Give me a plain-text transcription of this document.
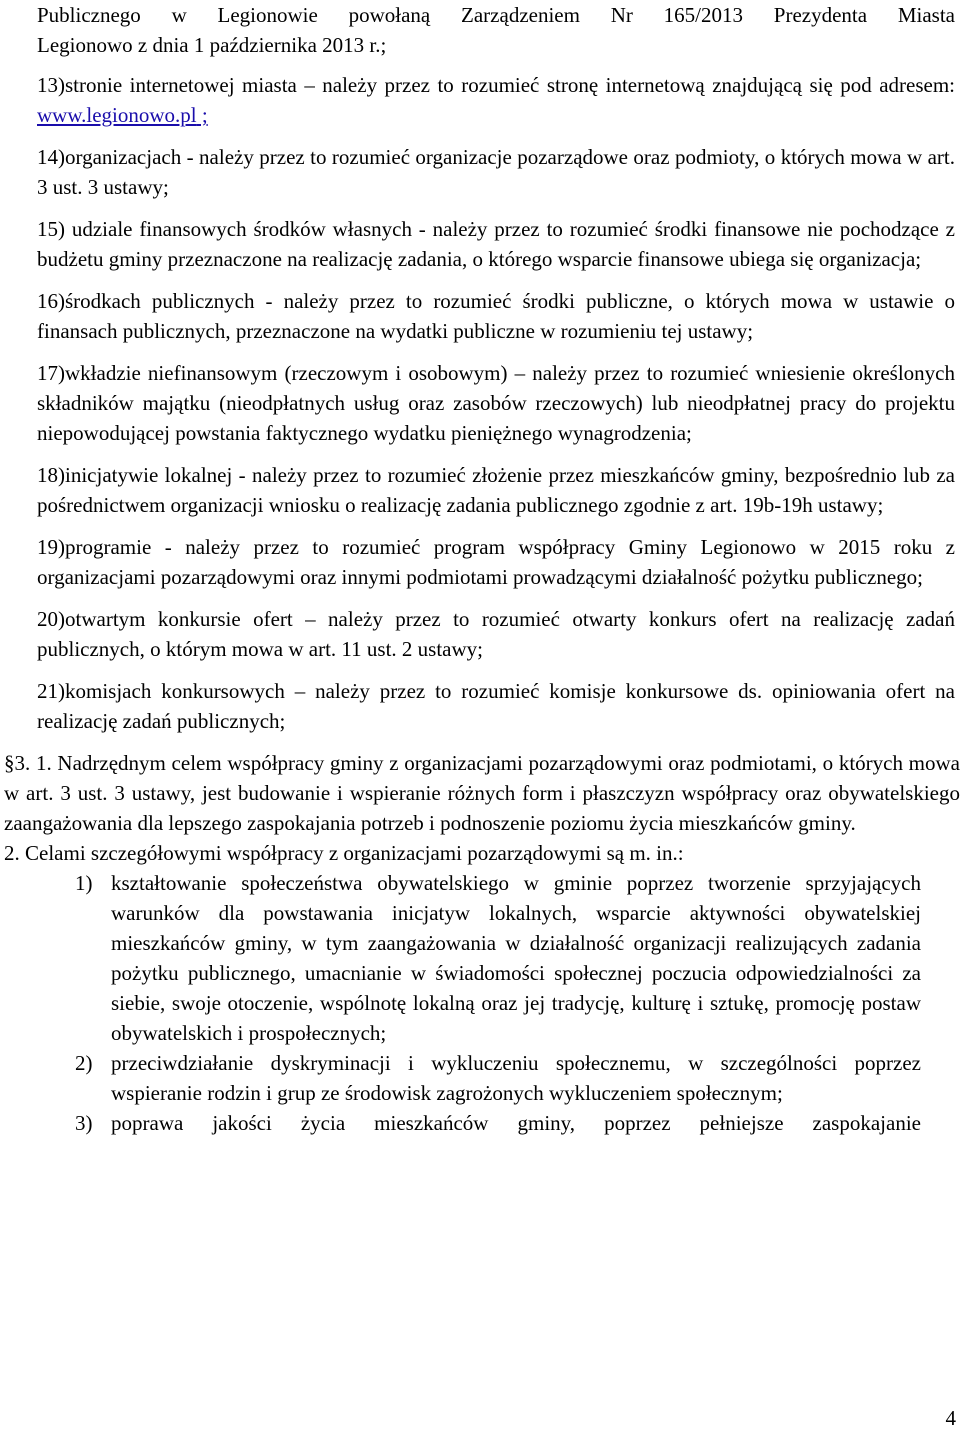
Publicznego w Legionowie powołaną Zarządzeniem Nr 165/2013 Prezydenta Miasta
Legionowo z dnia 1 października 2013 r.;

13)stronie internetowej miasta – należy przez to rozumieć stronę internetową znajdującą się pod adresem: www.legionowo.pl ;

14)organizacjach - należy przez to rozumieć organizacje pozarządowe oraz podmioty, o których mowa w art. 3 ust. 3 ustawy;

15) udziale finansowych środków własnych - należy przez to rozumieć środki finansowe nie pochodzące z budżetu gminy przeznaczone na realizację zadania, o którego wsparcie finansowe ubiega się organizacja;

16)środkach publicznych - należy przez to rozumieć środki publiczne, o których mowa w ustawie o finansach publicznych, przeznaczone na wydatki publiczne w rozumieniu tej ustawy;

17)wkładzie niefinansowym (rzeczowym i osobowym) – należy przez to rozumieć wniesienie określonych składników majątku (nieodpłatnych usług oraz zasobów rzeczowych) lub nieodpłatnej pracy do projektu niepowodującej powstania faktycznego wydatku pieniężnego wynagrodzenia;

18)inicjatywie lokalnej - należy przez to rozumieć złożenie przez mieszkańców gminy, bezpośrednio lub za pośrednictwem organizacji wniosku o realizację zadania publicznego zgodnie z art. 19b-19h ustawy;

19)programie - należy przez to rozumieć program współpracy Gminy Legionowo w 2015 roku z organizacjami pozarządowymi oraz innymi podmiotami prowadzącymi działalność pożytku publicznego;

20)otwartym konkursie ofert – należy przez to rozumieć otwarty konkurs ofert na realizację zadań publicznych, o którym mowa w art. 11 ust. 2 ustawy;

21)komisjach konkursowych – należy przez to rozumieć komisje konkursowe ds. opiniowania ofert na realizację zadań publicznych;

§3. 1. Nadrzędnym celem współpracy gminy z organizacjami pozarządowymi oraz podmiotami, o których mowa w art. 3 ust. 3 ustawy, jest budowanie i wspieranie różnych form i płaszczyzn współpracy oraz obywatelskiego zaangażowania dla lepszego zaspokajania potrzeb i podnoszenie poziomu życia mieszkańców gminy.

2. Celami szczegółowymi współpracy z organizacjami pozarządowymi są m. in.:

1) kształtowanie społeczeństwa obywatelskiego w gminie poprzez tworzenie sprzyjających warunków dla powstawania inicjatyw lokalnych, wsparcie aktywności obywatelskiej mieszkańców gminy, w tym zaangażowania w działalność organizacji realizujących zadania pożytku publicznego, umacnianie w świadomości społecznej poczucia odpowiedzialności za siebie, swoje otoczenie, wspólnotę lokalną oraz jej tradycję, kulturę i sztukę, promocję postaw obywatelskich i prospołecznych;
2) przeciwdziałanie dyskryminacji i wykluczeniu społecznemu, w szczególności poprzez wspieranie rodzin i grup ze środowisk zagrożonych wykluczeniem społecznym;
3) poprawa jakości życia mieszkańców gminy, poprzez pełniejsze zaspokajanie
4
